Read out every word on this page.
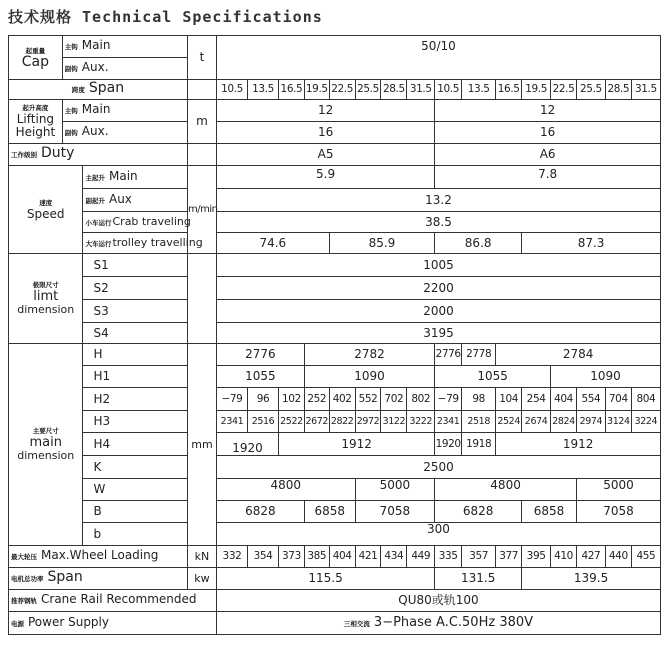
技术规格 Technical Specifications
起重量
Cap	主钩 Main		t	50/10															
	副钩 Aux.																		
跨度 Span				10.5	13.5	16.5	19.5	22.5	25.5	28.5	31.5	10.5	13.5	16.5	19.5	22.5	25.5	28.5	31.5

起升高度
Lifting
Height	主钩 Main		m	12								12							
	副钩 Aux.			16								16							
工作级别 Duty				A5								A6							

速度
Speed		主起升 Main	m/min	5.9								7.8							
		副起升 Aux		13.2															
		小车运行Crab traveling		38.5															
		大车运行trolley travelling		74.6				85.9				86.8			87.3				

极限尺寸
limt
dimension		S1		1005															
		S2		2200															
		S3		2000															
		S4		3195															

主要尺寸
main
dimension		H	mm	2776			2782					2776	2778	2784					
		H1		1055			1090					1055				1090			
		H2		−79	96	102	252	402	552	702	802	−79	98	104	254	404	554	704	804
		H3		2341	2516	2522	2672	2822	2972	3122	3222	2341	2518	2524	2674	2824	2974	3124	3224
		H4		1920		1912						1920	1918	1912					
		K		2500															
		W		4800					5000			4800					5000		
		B		6828			6858		7058			6828			6858		7058		
		b		300															
最大轮压 Max.Wheel Loading			kN	332	354	373	385	404	421	434	449	335	357	377	395	410	427	440	455
电机总功率 Span			kw	115.5								131.5			139.5				
推荐钢轨 Crane Rail Recommended				QU80或轨100															
电源 Power Supply				三相交流 3−Phase A.C.50Hz 380V															
